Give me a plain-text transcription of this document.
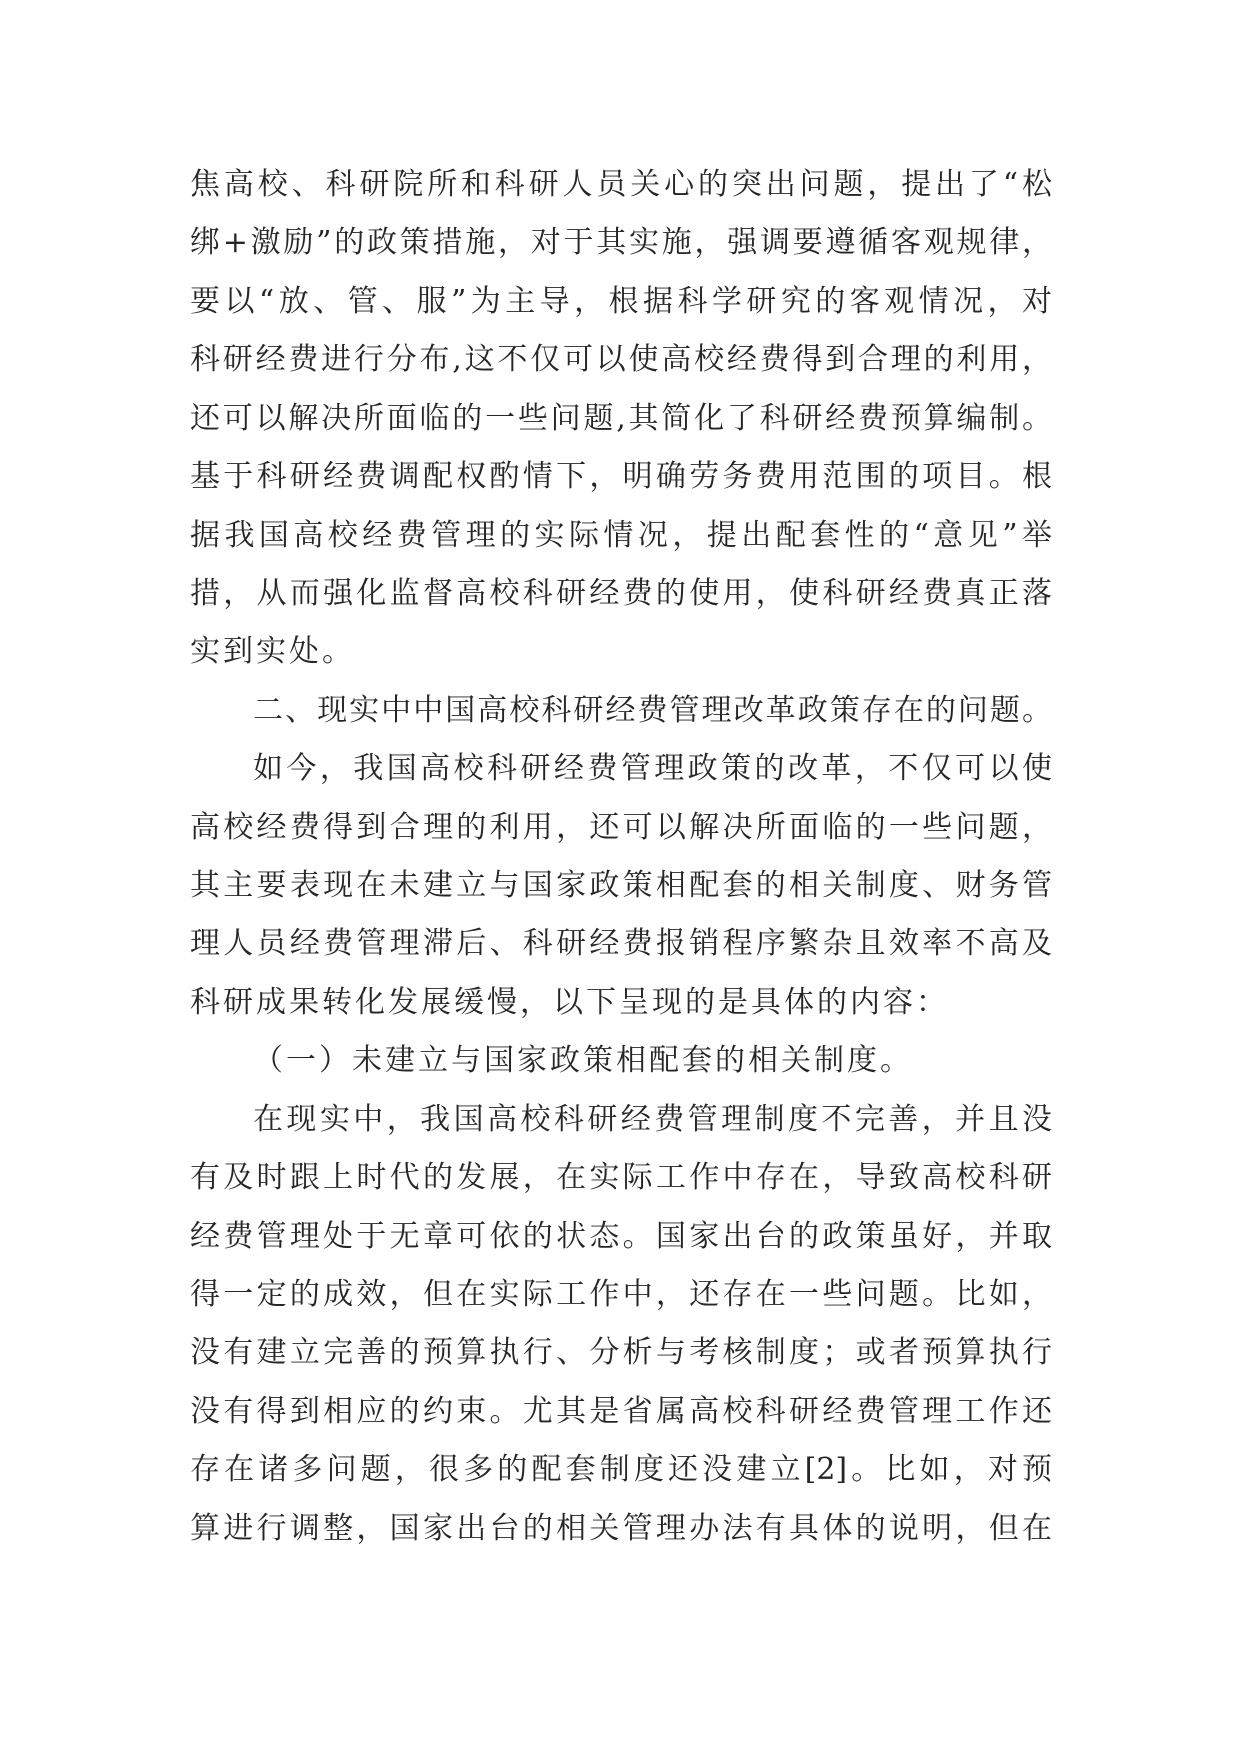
焦高校、科研院所和科研人员关心的突出问题，提出了“松
绑+激励”的政策措施，对于其实施，强调要遵循客观规律，
要以“放、管、服”为主导，根据科学研究的客观情况，对
科研经费进行分布,这不仅可以使高校经费得到合理的利用，
还可以解决所面临的一些问题,其简化了科研经费预算编制。
基于科研经费调配权酌情下，明确劳务费用范围的项目。根
据我国高校经费管理的实际情况，提出配套性的“意见”举
措，从而强化监督高校科研经费的使用，使科研经费真正落
实到实处。
二、现实中中国高校科研经费管理改革政策存在的问题。
如今，我国高校科研经费管理政策的改革，不仅可以使
高校经费得到合理的利用，还可以解决所面临的一些问题，
其主要表现在未建立与国家政策相配套的相关制度、财务管
理人员经费管理滞后、科研经费报销程序繁杂且效率不高及
科研成果转化发展缓慢，以下呈现的是具体的内容：
（一）未建立与国家政策相配套的相关制度。
在现实中，我国高校科研经费管理制度不完善，并且没
有及时跟上时代的发展，在实际工作中存在，导致高校科研
经费管理处于无章可依的状态。国家出台的政策虽好，并取
得一定的成效，但在实际工作中，还存在一些问题。比如，
没有建立完善的预算执行、分析与考核制度；或者预算执行
没有得到相应的约束。尤其是省属高校科研经费管理工作还
存在诸多问题，很多的配套制度还没建立[2]。比如，对预
算进行调整，国家出台的相关管理办法有具体的说明，但在
